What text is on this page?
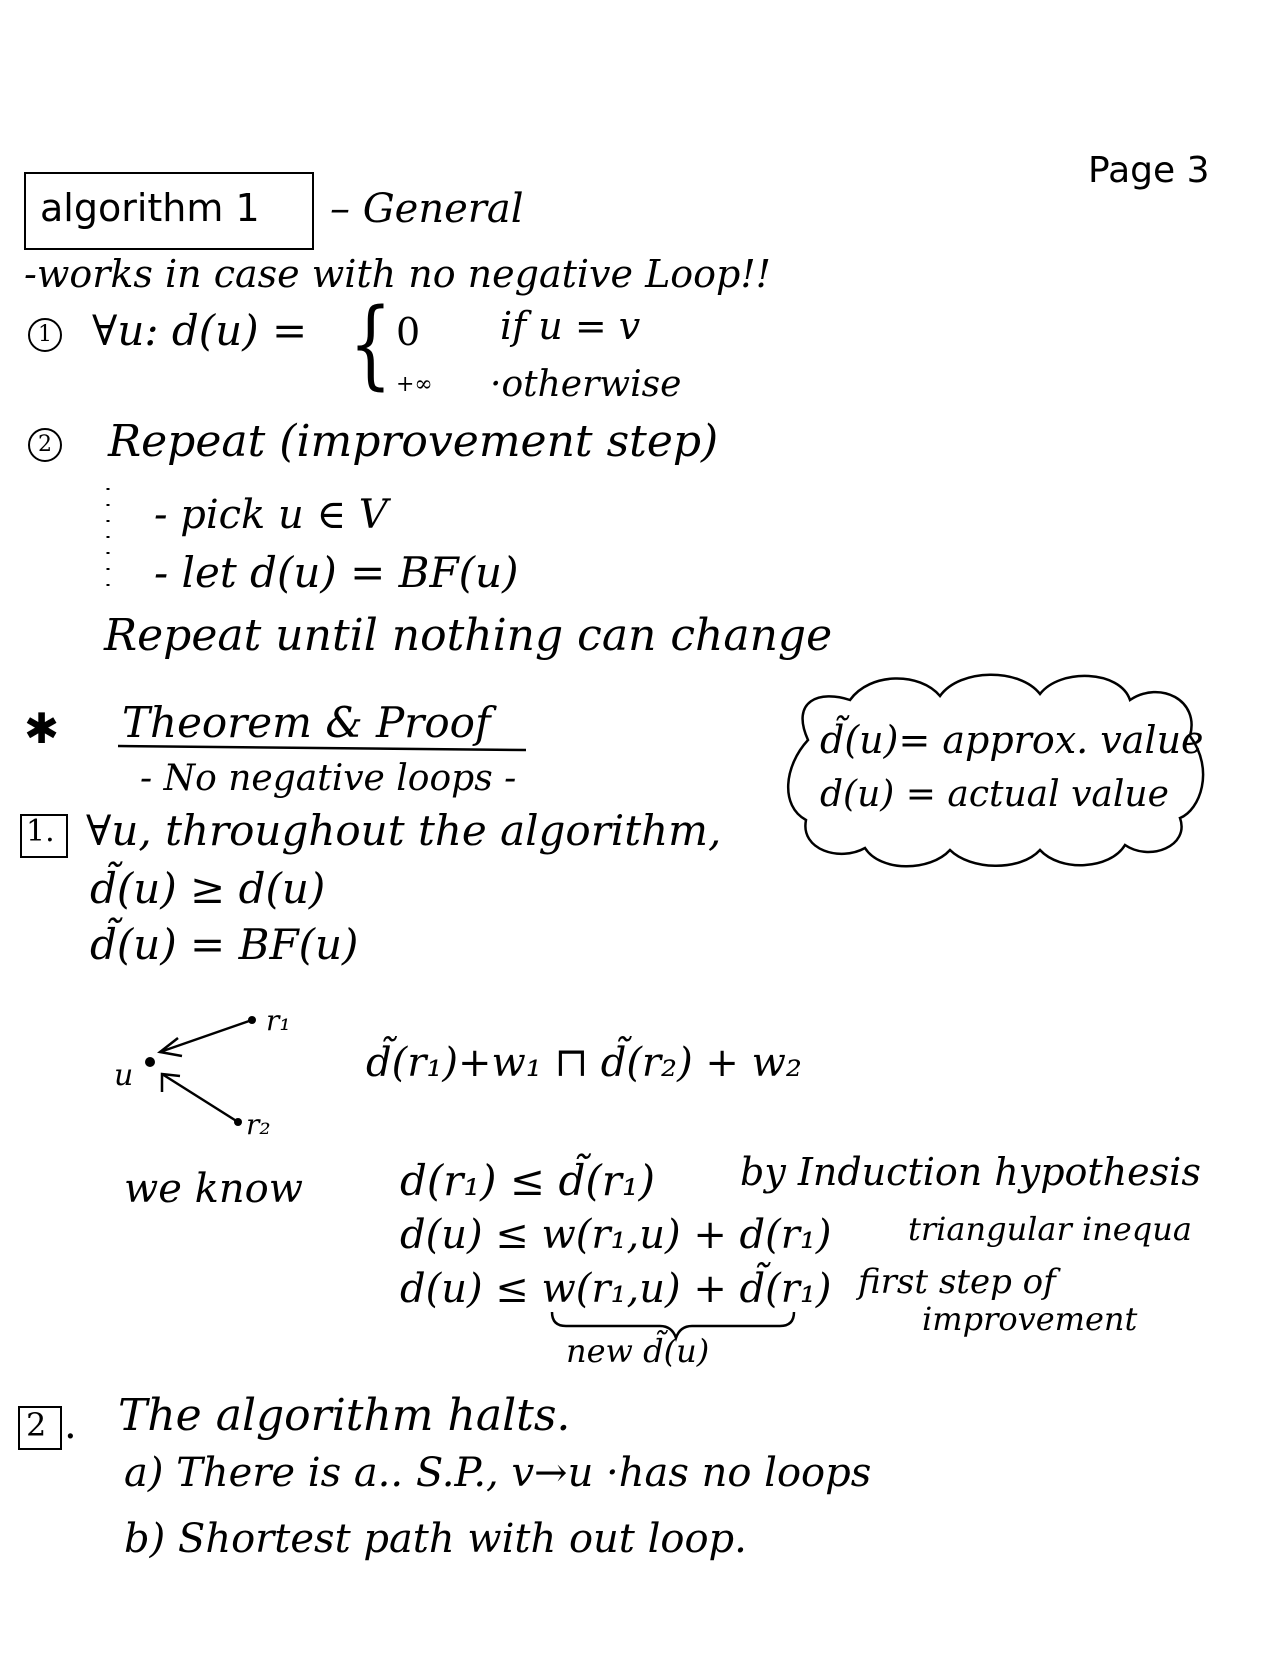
Page 3
algorithm 1 – General
-works in case with no negative Loop!!
1 ∀u: d(u) = { 0 if u = v
+∞ ·otherwise
2 Repeat (improvement step)
- pick u ∈ V
- let d(u) = BF(u)
Repeat until nothing can change
✱ Theorem & Proof
- No negative loops -
1. ∀u, throughout the algorithm,
d̃(u) ≥ d(u)
d̃(u) = BF(u)
d̃(u)= approx. value
d(u) = actual value
u
r₁
r₂
d̃(r₁)+w₁ ⊓ d̃(r₂) + w₂
we know d(r₁) ≤ d̃(r₁) by Induction hypothesis
d(u) ≤ w(r₁,u) + d(r₁) triangular inequa
d(u) ≤ w(r₁,u) + d̃(r₁) first step of
improvement
new d̃(u)
2 . The algorithm halts.
a) There is a.. S.P., v→u ·has no loops
b) Shortest path with out loop.
